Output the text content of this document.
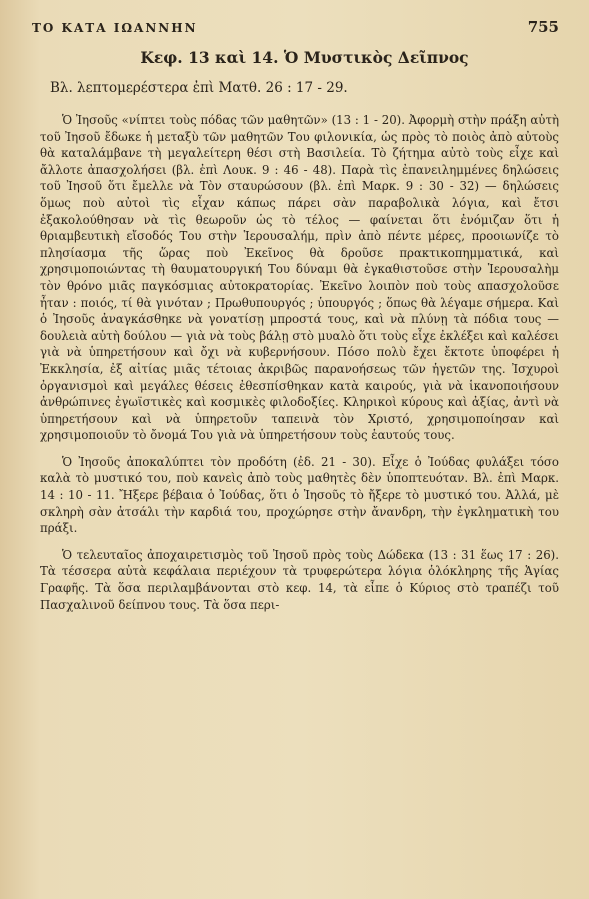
ΤΟ ΚΑΤΑ ΙΩΑΝΝΗΝ	755
Κεφ. 13 καὶ 14. Ὁ Μυστικὸς Δεῖπνος
Βλ. λεπτομερέστερα ἐπὶ Ματθ. 26 : 17 - 29.

Ὁ Ἰησοῦς «νίπτει τοὺς πόδας τῶν μαθητῶν» (13 : 1 - 20). Ἀφορμὴ στὴν πράξη αὐτὴ τοῦ Ἰησοῦ ἔδωκε ἡ μεταξὺ τῶν μαθητῶν Του φιλονικία, ὡς πρὸς τὸ ποιὸς ἀπὸ αὐτοὺς θὰ καταλάμβανε τὴ μεγαλείτερη θέσι στὴ Βασιλεία. Τὸ ζήτημα αὐτὸ τοὺς εἶχε καὶ ἄλλοτε ἀπασχολήσει (βλ. ἐπὶ Λουκ. 9 : 46 - 48). Παρὰ τὶς ἐπανειλημμένες δηλώσεις τοῦ Ἰησοῦ ὅτι ἔμελλε νὰ Τὸν σταυρώσουν (βλ. ἐπὶ Μαρκ. 9 : 30 - 32) — δηλώσεις ὅμως ποὺ αὐτοὶ τὶς εἶχαν κάπως πάρει σὰν παραβολικὰ λόγια, καὶ ἔτσι ἐξακολούθησαν νὰ τὶς θεωροῦν ὡς τὸ τέλος — φαίνεται ὅτι ἐνόμιζαν ὅτι ἡ θριαμβευτικὴ εἴσοδός Του στὴν Ἱερουσαλήμ, πρὶν ἀπὸ πέντε μέρες, προοιωνίζε τὸ πλησίασμα τῆς ὥρας ποὺ Ἐκεῖνος θὰ δροῦσε πρακτικοπημματικά, καὶ χρησιμοποιώντας τὴ θαυματουργική Του δύναμι θὰ ἐγκαθιστοῦσε στὴν Ἱερουσαλὴμ τὸν θρόνο μιᾶς παγκόσμιας αὐτοκρατορίας. Ἐκεῖνο λοιπὸν ποὺ τοὺς απασχολοῦσε ἦταν : ποιός, τί θὰ γινόταν ; Πρωθυπουργός ; ὑπουργός ; ὅπως θὰ λέγαμε σήμερα. Καὶ ὁ Ἰησοῦς ἀναγκάσθηκε νὰ γονατίσῃ μπροστά τους, καὶ νὰ πλύνῃ τὰ πόδια τους — δουλειὰ αὐτὴ δούλου — γιὰ νὰ τοὺς βάλῃ στὸ μυαλὸ ὅτι τοὺς εἶχε ἐκλέξει καὶ καλέσει γιὰ νὰ ὑπηρετήσουν καὶ ὄχι νὰ κυβερνήσουν. Πόσο πολὺ ἔχει ἔκτοτε ὑποφέρει ἡ Ἐκκλησία, ἐξ αἰτίας μιᾶς τέτοιας ἀκριβῶς παρανοήσεως τῶν ἡγετῶν της. Ἰσχυροὶ ὀργανισμοὶ καὶ μεγάλες θέσεις ἐθεσπίσθηκαν κατὰ καιρούς, γιὰ νὰ ἱκανοποιήσουν ἀνθρώπινες ἐγωϊστικὲς καὶ κοσμικὲς φιλοδοξίες. Κληρικοὶ κύρους καὶ ἀξίας, ἀντὶ νὰ ὑπηρετήσουν καὶ νὰ ὑπηρετοῦν ταπεινὰ τὸν Χριστό, χρησιμοποίησαν καὶ χρησιμοποιοῦν τὸ ὄνομά Του γιὰ νὰ ὑπηρετήσουν τοὺς ἑαυτούς τους.

Ὁ Ἰησοῦς ἀποκαλύπτει τὸν προδότη (ἐδ. 21 - 30). Εἶχε ὁ Ἰούδας φυλάξει τόσο καλὰ τὸ μυστικό του, ποὺ κανεὶς ἀπὸ τοὺς μαθητὲς δὲν ὑποπτευόταν. Βλ. ἐπὶ Μαρκ. 14 : 10 - 11. Ἤξερε βέβαια ὁ Ἰούδας, ὅτι ὁ Ἰησοῦς τὸ ἤξερε τὸ μυστικό του. Ἀλλά, μὲ σκληρὴ σὰν ἀτσάλι τὴν καρδιά του, προχώρησε στὴν ἄνανδρη, τὴν ἐγκληματικὴ του πράξι.

Ὁ τελευταῖος ἀποχαιρετισμὸς τοῦ Ἰησοῦ πρὸς τοὺς Δώδεκα (13 : 31 ἕως 17 : 26). Τὰ τέσσερα αὐτὰ κεφάλαια περιέχουν τὰ τρυφερώτερα λόγια ὁλόκληρης τῆς Ἁγίας Γραφῆς. Τὰ ὅσα περιλαμβάνονται στὸ κεφ. 14, τὰ εἶπε ὁ Κύριος στὸ τραπέζι τοῦ Πασχαλινοῦ δείπνου τους. Τὰ ὅσα περι-
